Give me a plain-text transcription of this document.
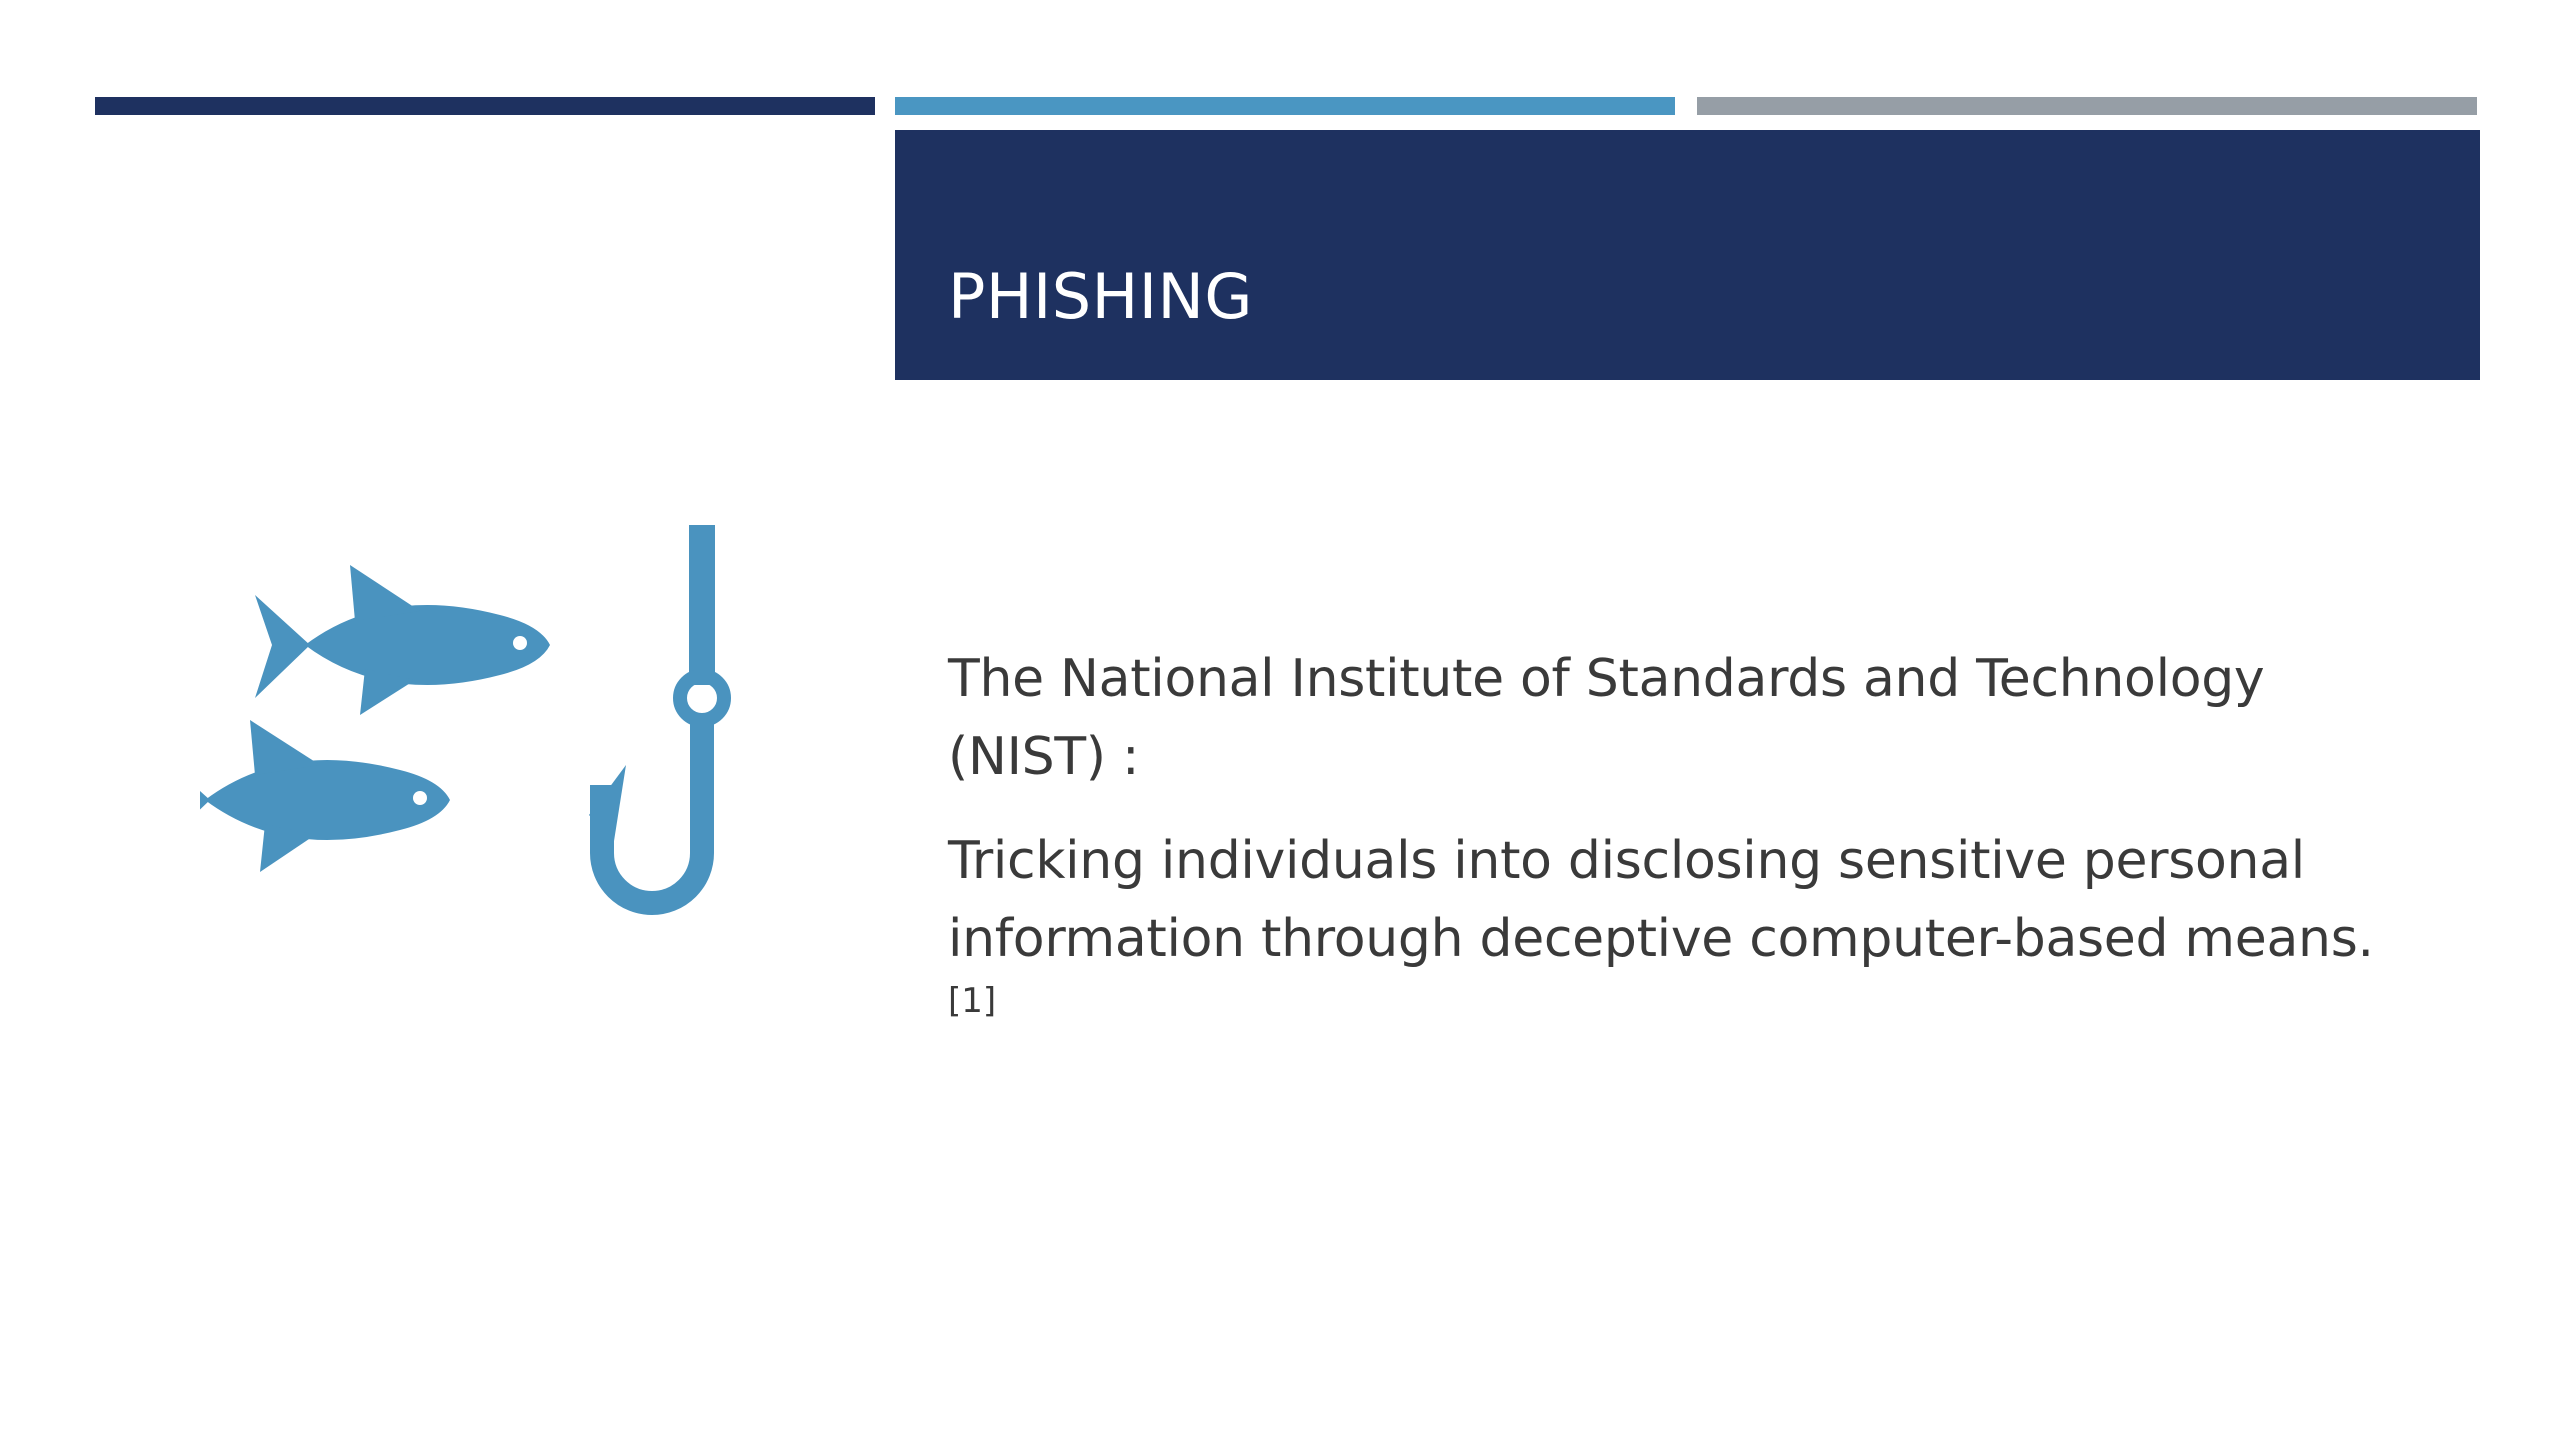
PHISHING

The National Institute of Standards and Technology (NIST) :

Tricking individuals into disclosing sensitive personal information through deceptive computer-based means.
[1]
